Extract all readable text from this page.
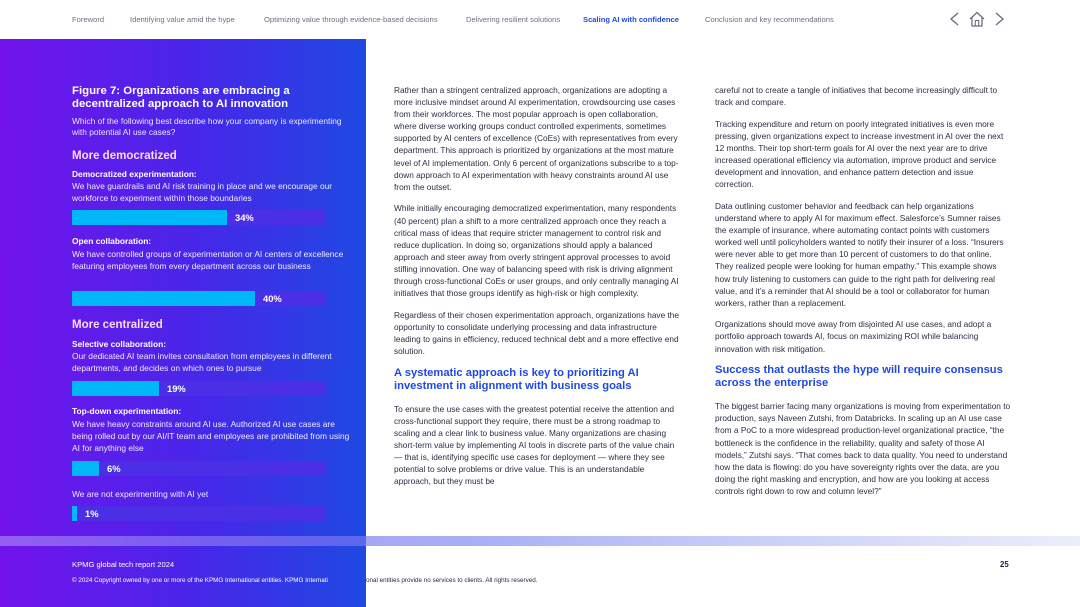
Foreword	Identifying value amid the hype	Optimizing value through evidence-based decisions	Delivering resilient solutions	Scaling AI with confidence	Conclusion and key recommendations
Figure 7: Organizations are embracing a decentralized approach to AI innovation
Which of the following best describe how your company is experimenting with potential AI use cases?
More democratized
Democratized experimentation:
We have guardrails and AI risk training in place and we encourage our workforce to experiment within those boundaries
34%
Open collaboration:
We have controlled groups of experimentation or AI centers of excellence featuring employees from every department across our business
40%
More centralized
Selective collaboration:
Our dedicated AI team invites consultation from employees in different departments, and decides on which ones to pursue
19%
Top-down experimentation:
We have heavy constraints around AI use. Authorized AI use cases are being rolled out by our AI/IT team and employees are prohibited from using AI for anything else
6%
We are not experimenting with AI yet
1%
KPMG global tech report 2024
© 2024 Copyright owned by one or more of the KPMG International entities. KPMG Internati	onal entities provide no services to clients. All rights reserved.
25

Rather than a stringent centralized approach, organizations are adopting a more inclusive mindset around AI experimentation, crowdsourcing use cases from their workforces. The most popular approach is open collaboration, where diverse working groups conduct controlled experiments, sometimes supported by AI centers of excellence (CoEs) with representatives from every department. This approach is prioritized by organizations at the most mature level of AI implementation. Only 6 percent of organizations subscribe to a top-down approach to AI experimentation with heavy constraints around AI use from the outset.

While initially encouraging democratized experimentation, many respondents (40 percent) plan a shift to a more centralized approach once they reach a critical mass of ideas that require stricter management to control risk and reduce duplication. In doing so, organizations should apply a balanced approach and steer away from overly stringent approval processes to avoid stifling innovation. One way of balancing speed with risk is driving alignment through cross-functional CoEs or user groups, and only centrally managing AI initiatives that those groups identify as high-risk or high complexity.

Regardless of their chosen experimentation approach, organizations have the opportunity to consolidate underlying processing and data infrastructure leading to gains in efficiency, reduced technical debt and a more effective end solution.

A systematic approach is key to prioritizing AI investment in alignment with business goals

To ensure the use cases with the greatest potential receive the attention and cross-functional support they require, there must be a strong roadmap to scaling and a clear link to business value. Many organizations are chasing short-term value by implementing AI tools in discrete parts of the value chain — that is, identifying specific use cases for deployment — where they see potential to solve problems or drive value. This is an understandable approach, but they must be

careful not to create a tangle of initiatives that become increasingly difficult to track and compare.

Tracking expenditure and return on poorly integrated initiatives is even more pressing, given organizations expect to increase investment in AI over the next 12 months. Their top short-term goals for AI over the next year are to drive increased operational efficiency via automation, improve product and service development and innovation, and enhance pattern detection and issue correction.

Data outlining customer behavior and feedback can help organizations understand where to apply AI for maximum effect. Salesforce’s Sumner raises the example of insurance, where automating contact points with customers worked well until policyholders wanted to notify their insurer of a loss. “Insurers were never able to get more than 10 percent of customers to do that online. They realized people were looking for human empathy.” This example shows how truly listening to customers can guide to the right path for delivering real value, and it’s a reminder that AI should be a tool or collaborator for human workers, rather than a replacement.

Organizations should move away from disjointed AI use cases, and adopt a portfolio approach towards AI, focus on maximizing ROI while balancing innovation with risk mitigation.

Success that outlasts the hype will require consensus across the enterprise

The biggest barrier facing many organizations is moving from experimentation to production, says Naveen Zutshi, from Databricks. In scaling up an AI use case from a PoC to a more widespread production-level organizational practice, “the bottleneck is the confidence in the reliability, quality and safety of those AI models,” Zutshi says. “That comes back to data quality. You need to understand how the data is flowing: do you have sovereignty rights over the data, are you doing the right masking and encryption, and how are you looking at access controls right down to row and column level?”
